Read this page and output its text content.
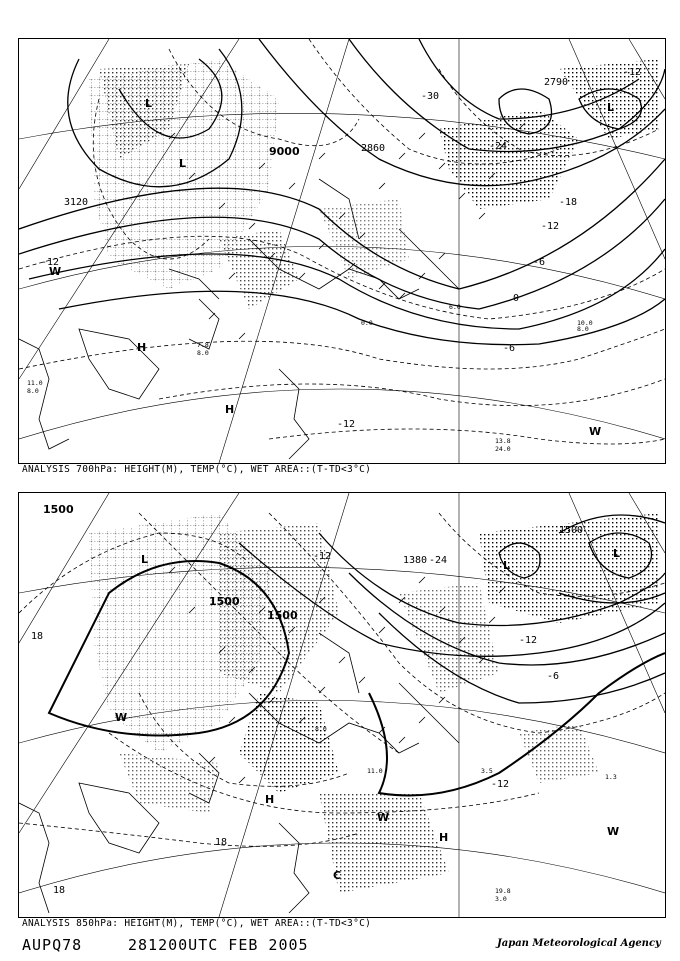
3120
9000	2860
2790
-30
-24
-18
-12
-6
0
-6
-12
-12
-12
L
L
L
H
H
W
W
13.8
24.0
10.0
8.0
0.0
6.0
7.8
8.0
11.0
8.0
ANALYSIS 700hPa: HEIGHT(M), TEMP(°C), WET AREA::(T-TD<3°C)
1500
1500
1500
1380
1500
18
-12	-24
-12
-6
-12
18
18
L	L
L
H
H
W
W
W
C
19.8
3.0
3.5
1.3
11.0
8.0
ANALYSIS 850hPa: HEIGHT(M), TEMP(°C), WET AREA::(T-TD<3°C)
AUPQ78	281200UTC FEB 2005	Japan Meteorological Agency
